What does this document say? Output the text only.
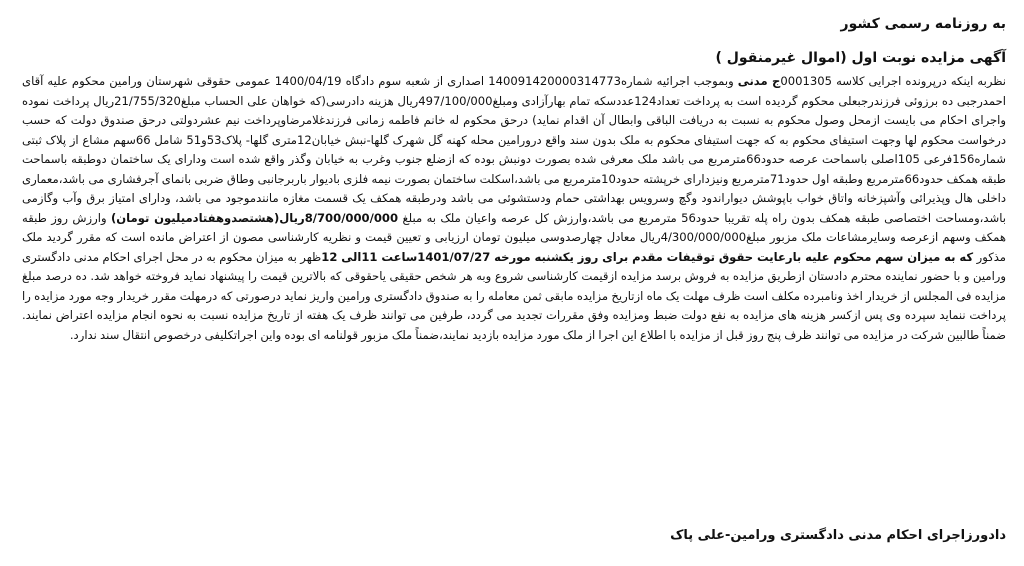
به روزنامه رسمی کشور
آگهی مزایده نوبت اول (اموال غیرمنقول )

نظربه اینکه درپرونده اجرایی کلاسه 0001305ج مدنی وبموجب اجرائیه شماره140091420000314773 اصداری از شعبه سوم دادگاه 1400/04/19 عمومی حقوقی شهرستان ورامین محکوم علیه آقای احمدرجبی ده برزوئی فرزندرجبعلی محکوم گردیده است به پرداخت تعداد124عددسکه تمام بهارآزادی ومبلغ497/100/000ریال هزینه دادرسی(که خواهان علی الحساب مبلغ21/755/320ریال پرداخت نموده واجرای احکام می بایست ازمحل وصول محکوم به نسبت به دریافت الباقی وابطال آن اقدام نماید) درحق محکوم له خانم فاطمه زمانی فرزندغلامرضاوپرداخت نیم عشردولتی درحق صندوق دولت که حسب درخواست محکوم لها وجهت استیفای محکوم به که جهت استیفای محکوم به ملک بدون سند واقع درورامین محله کهنه گل شهرک گلها-نبش خیابان12متری گلها- پلاک53و51 شامل 66سهم مشاع از پلاک ثبتی شماره156فرعی 105اصلی باسماحت عرصه حدود66مترمربع می باشد ملک معرفی شده بصورت دونبش بوده که ازضلع جنوب وغرب به خیابان وگذر واقع شده است ودارای یک ساختمان دوطبقه باسماحت طبقه همکف حدود66مترمربع وطبقه اول حدود71مترمربع ونیزدارای خرپشته حدود10مترمربع می باشد،اسکلت ساختمان بصورت نیمه فلزی بادیوار باربرجانبی وطاق ضربی بانمای آجرفشاری می باشد،معماری داخلی هال وپذیرائی وآشپزخانه واتاق خواب باپوشش دیواراندود وگچ وسرویس بهداشتی حمام ودستشوئی می باشد ودرطبقه همکف یک قسمت مغازه مانندموجود می باشد، ودارای امتیاز برق وآب وگازمی باشد،ومساحت اختصاصی طبقه همکف بدون راه پله تقریبا حدود56 مترمربع می باشد،وارزش کل عرصه واعیان ملک به مبلغ 8/700/000/000ریال(هشتصدوهفتادمیلیون تومان) وارزش روز طبقه همکف وسهم ازعرصه وسایرمشاعات ملک مزبور مبلغ4/300/000/000ریال معادل چهارصدوسی میلیون تومان ارزیابی و تعیین قیمت و نظریه کارشناسی مصون از اعتراض مانده است که مقرر گردید ملک مذکور که به میزان سهم محکوم علیه بارعایت حقوق توقیفات مقدم برای روز یکشنبه مورخه 1401/07/27ساعت 11الی 12ظهر به میزان محکوم به در محل اجرای احکام مدنی دادگستری ورامین و با حضور نماینده محترم دادستان ازطریق مزایده به فروش برسد مزایده ازقیمت کارشناسی شروع وبه هر شخص حقیقی یاحقوقی که بالاترین قیمت را پیشنهاد نماید فروخته خواهد شد. ده درصد مبلغ مزایده فی المجلس از خریدار اخذ ونامبرده مکلف است ظرف مهلت یک ماه ازتاریخ مزایده مابقی ثمن معامله را به صندوق دادگستری ورامین واریز نماید درصورتی که درمهلت مقرر خریدار وجه مورد مزایده را پرداخت ننماید سپرده وی پس ازکسر هزینه های مزایده به نفع دولت ضبط ومزایده وفق مقررات تجدید می گردد، طرفین می توانند ظرف یک هفته از تاریخ مزایده نسبت به نحوه انجام مزایده اعتراض نمایند. ضمناً طالبین شرکت در مزایده می توانند ظرف پنج روز قبل از مزایده با اطلاع این اجرا از ملک مورد مزایده بازدید نمایند،ضمناً ملک مزبور قولنامه ای بوده واین اجراتکلیفی درخصوص انتقال سند ندارد.

دادورزاجرای احکام مدنی دادگستری ورامین-علی پاک
